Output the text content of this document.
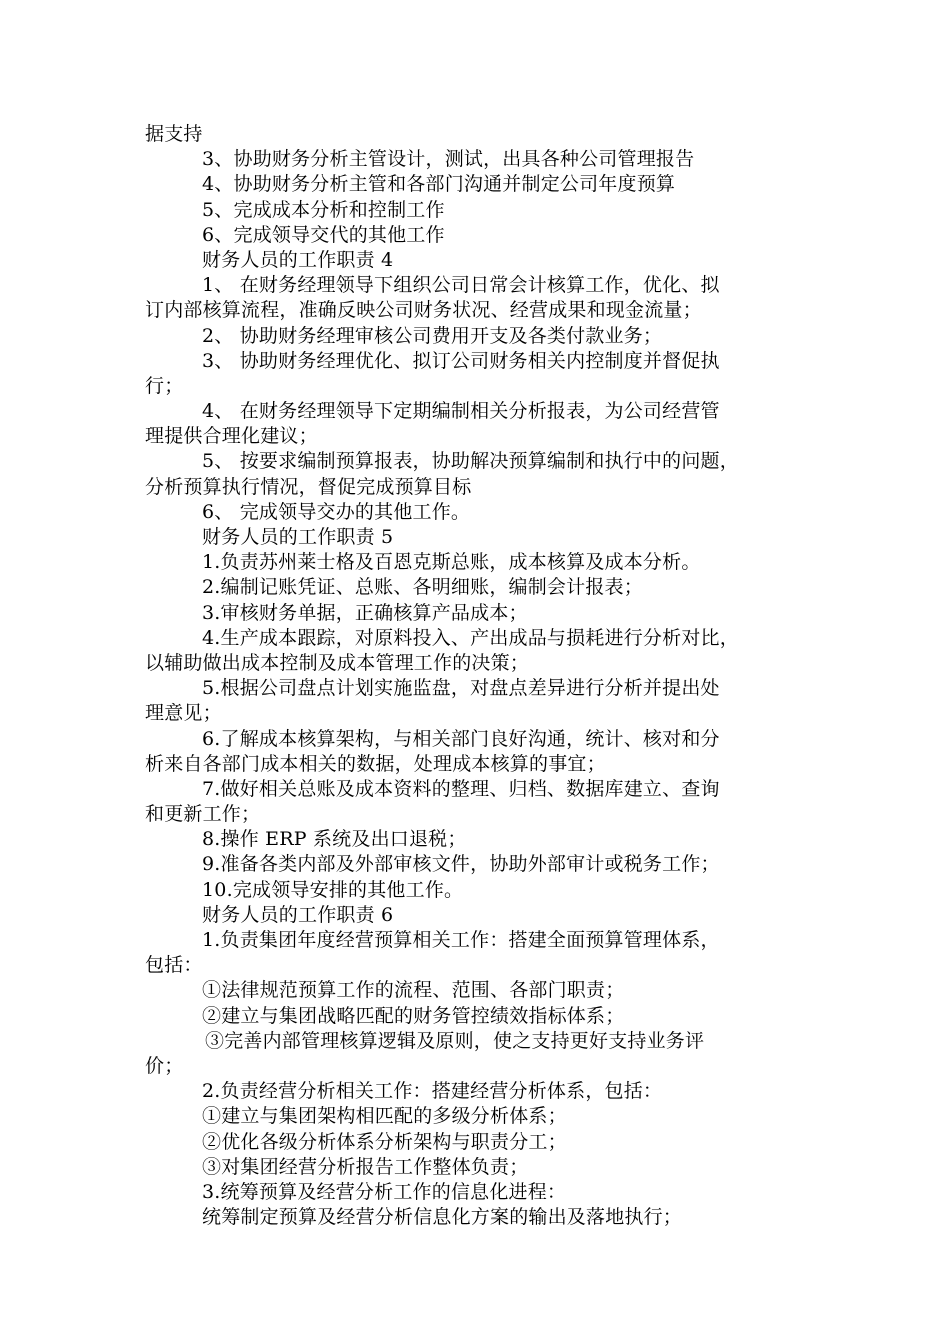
据支持
3、协助财务分析主管设计，测试，出具各种公司管理报告
4、协助财务分析主管和各部门沟通并制定公司年度预算
5、完成成本分析和控制工作
6、完成领导交代的其他工作
财务人员的工作职责 4
1、 在财务经理领导下组织公司日常会计核算工作，优化、拟
订内部核算流程，准确反映公司财务状况、经营成果和现金流量；
2、 协助财务经理审核公司费用开支及各类付款业务；
3、 协助财务经理优化、拟订公司财务相关内控制度并督促执
行；
4、 在财务经理领导下定期编制相关分析报表，为公司经营管
理提供合理化建议；
5、 按要求编制预算报表，协助解决预算编制和执行中的问题，
分析预算执行情况，督促完成预算目标
6、 完成领导交办的其他工作。
财务人员的工作职责 5
1.负责苏州莱士格及百恩克斯总账，成本核算及成本分析。
2.编制记账凭证、总账、各明细账，编制会计报表；
3.审核财务单据，正确核算产品成本；
4.生产成本跟踪，对原料投入、产出成品与损耗进行分析对比，
以辅助做出成本控制及成本管理工作的决策；
5.根据公司盘点计划实施监盘，对盘点差异进行分析并提出处
理意见；
6.了解成本核算架构，与相关部门良好沟通，统计、核对和分
析来自各部门成本相关的数据，处理成本核算的事宜；
7.做好相关总账及成本资料的整理、归档、数据库建立、查询
和更新工作；
8.操作 ERP 系统及出口退税；
9.准备各类内部及外部审核文件，协助外部审计或税务工作；
10.完成领导安排的其他工作。
财务人员的工作职责 6
1.负责集团年度经营预算相关工作：搭建全面预算管理体系，
包括：
①法律规范预算工作的流程、范围、各部门职责；
②建立与集团战略匹配的财务管控绩效指标体系；
③完善内部管理核算逻辑及原则，使之支持更好支持业务评
价；
2.负责经营分析相关工作：搭建经营分析体系，包括：
①建立与集团架构相匹配的多级分析体系；
②优化各级分析体系分析架构与职责分工；
③对集团经营分析报告工作整体负责；
3.统筹预算及经营分析工作的信息化进程：
统筹制定预算及经营分析信息化方案的输出及落地执行；
